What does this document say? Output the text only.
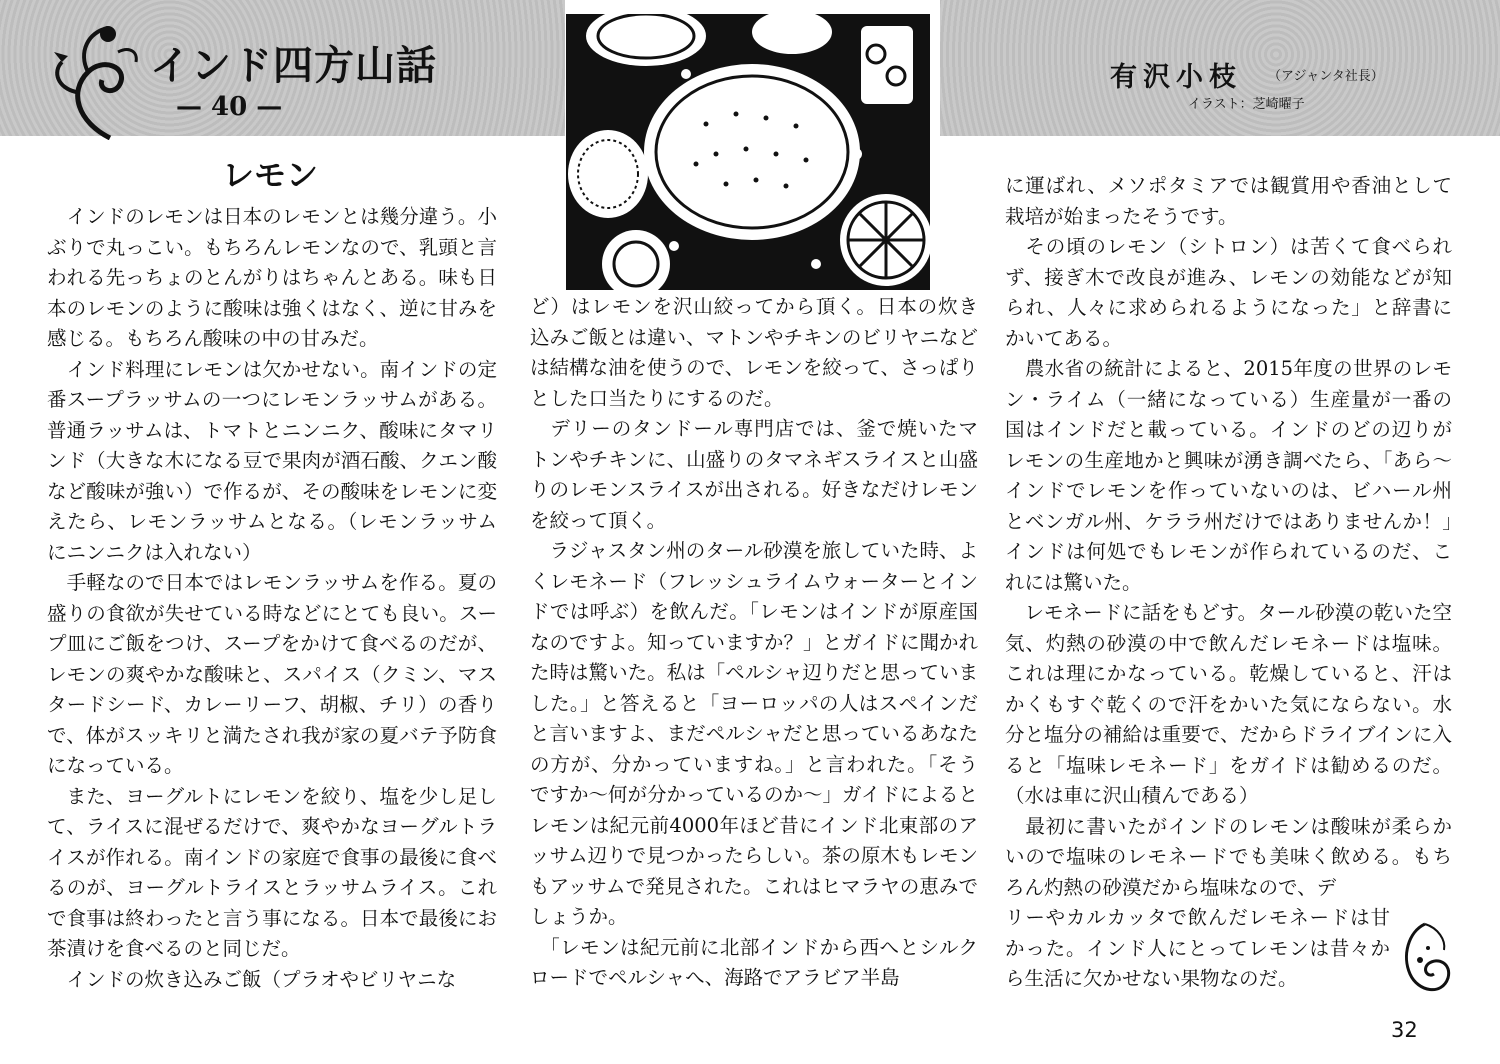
インド四方山話
— 40 —
有沢小枝 （アジャンタ社長）
イラスト：芝崎曜子
レモン

　インドのレモンは日本のレモンとは幾分違う。小ぶりで丸っこい。もちろんレモンなので、乳頭と言われる先っちょのとんがりはちゃんとある。味も日本のレモンのように酸味は強くはなく、逆に甘みを感じる。もちろん酸味の中の甘みだ。

　インド料理にレモンは欠かせない。南インドの定番スープラッサムの一つにレモンラッサムがある。普通ラッサムは、トマトとニンニク、酸味にタマリンド（大きな木になる豆で果肉が酒石酸、クエン酸など酸味が強い）で作るが、その酸味をレモンに変えたら、レモンラッサムとなる。（レモンラッサムにニンニクは入れない）

　手軽なので日本ではレモンラッサムを作る。夏の盛りの食欲が失せている時などにとても良い。スープ皿にご飯をつけ、スープをかけて食べるのだが、レモンの爽やかな酸味と、スパイス（クミン、マスタードシード、カレーリーフ、胡椒、チリ）の香りで、体がスッキリと満たされ我が家の夏バテ予防食になっている。

　また、ヨーグルトにレモンを絞り、塩を少し足して、ライスに混ぜるだけで、爽やかなヨーグルトライスが作れる。南インドの家庭で食事の最後に食べるのが、ヨーグルトライスとラッサムライス。これで食事は終わったと言う事になる。日本で最後にお茶漬けを食べるのと同じだ。

　インドの炊き込みご飯（プラオやビリヤニな

ど）はレモンを沢山絞ってから頂く。日本の炊き込みご飯とは違い、マトンやチキンのビリヤニなどは結構な油を使うので、レモンを絞って、さっぱりとした口当たりにするのだ。

　デリーのタンドール専門店では、釜で焼いたマトンやチキンに、山盛りのタマネギスライスと山盛りのレモンスライスが出される。好きなだけレモンを絞って頂く。

　ラジャスタン州のタール砂漠を旅していた時、よくレモネード（フレッシュライムウォーターとインドでは呼ぶ）を飲んだ。「レモンはインドが原産国なのですよ。知っていますか？」とガイドに聞かれた時は驚いた。私は「ペルシャ辺りだと思っていました。」と答えると「ヨーロッパの人はスペインだと言いますよ、まだペルシャだと思っているあなたの方が、分かっていますね。」と言われた。「そうですか～何が分かっているのか～」ガイドによるとレモンは紀元前4000年ほど昔にインド北東部のアッサム辺りで見つかったらしい。茶の原木もレモンもアッサムで発見された。これはヒマラヤの恵みでしょうか。

　「レモンは紀元前に北部インドから西へとシルクロードでペルシャへ、海路でアラビア半島

に運ばれ、メソポタミアでは観賞用や香油として栽培が始まったそうです。

　その頃のレモン（シトロン）は苦くて食べられず、接ぎ木で改良が進み、レモンの効能などが知られ、人々に求められるようになった」と辞書にかいてある。

　農水省の統計によると、2015年度の世界のレモン・ライム（一緒になっている）生産量が一番の国はインドだと載っている。インドのどの辺りがレモンの生産地かと興味が湧き調べたら、「あら～インドでレモンを作っていないのは、ビハール州とベンガル州、ケララ州だけではありませんか！」インドは何処でもレモンが作られているのだ、これには驚いた。

　レモネードに話をもどす。タール砂漠の乾いた空気、灼熱の砂漠の中で飲んだレモネードは塩味。これは理にかなっている。乾燥していると、汗はかくもすぐ乾くので汗をかいた気にならない。水分と塩分の補給は重要で、だからドライブインに入ると「塩味レモネード」をガイドは勧めるのだ。（水は車に沢山積んである）

　最初に書いたがインドのレモンは酸味が柔らかいので塩味のレモネードでも美味く飲める。もちろん灼熱の砂漠だから塩味なので、デ

リーやカルカッタで飲んだレモネードは甘かった。インド人にとってレモンは昔々から生活に欠かせない果物なのだ。

32
